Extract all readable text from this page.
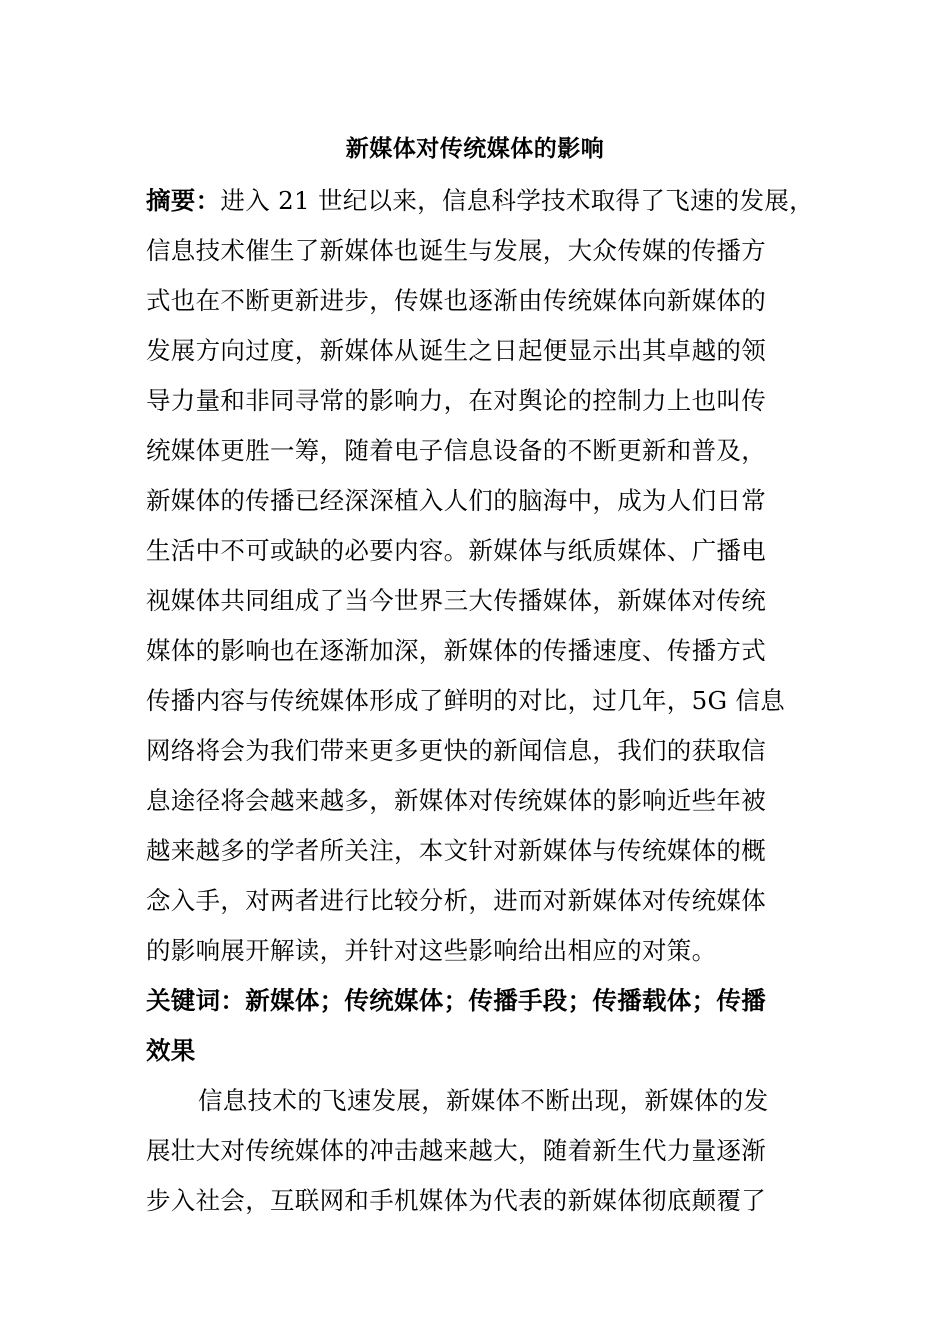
新媒体对传统媒体的影响
摘要：进入 21 世纪以来，信息科学技术取得了飞速的发展，
信息技术催生了新媒体也诞生与发展，大众传媒的传播方
式也在不断更新进步，传媒也逐渐由传统媒体向新媒体的
发展方向过度，新媒体从诞生之日起便显示出其卓越的领
导力量和非同寻常的影响力，在对舆论的控制力上也叫传
统媒体更胜一筹，随着电子信息设备的不断更新和普及，
新媒体的传播已经深深植入人们的脑海中，成为人们日常
生活中不可或缺的必要内容。新媒体与纸质媒体、广播电
视媒体共同组成了当今世界三大传播媒体，新媒体对传统
媒体的影响也在逐渐加深，新媒体的传播速度、传播方式
传播内容与传统媒体形成了鲜明的对比，过几年，5G 信息
网络将会为我们带来更多更快的新闻信息，我们的获取信
息途径将会越来越多，新媒体对传统媒体的影响近些年被
越来越多的学者所关注，本文针对新媒体与传统媒体的概
念入手，对两者进行比较分析，进而对新媒体对传统媒体
的影响展开解读，并针对这些影响给出相应的对策。
关键词：新媒体；传统媒体；传播手段；传播载体；传播
效果
信息技术的飞速发展，新媒体不断出现，新媒体的发
展壮大对传统媒体的冲击越来越大，随着新生代力量逐渐
步入社会，互联网和手机媒体为代表的新媒体彻底颠覆了
